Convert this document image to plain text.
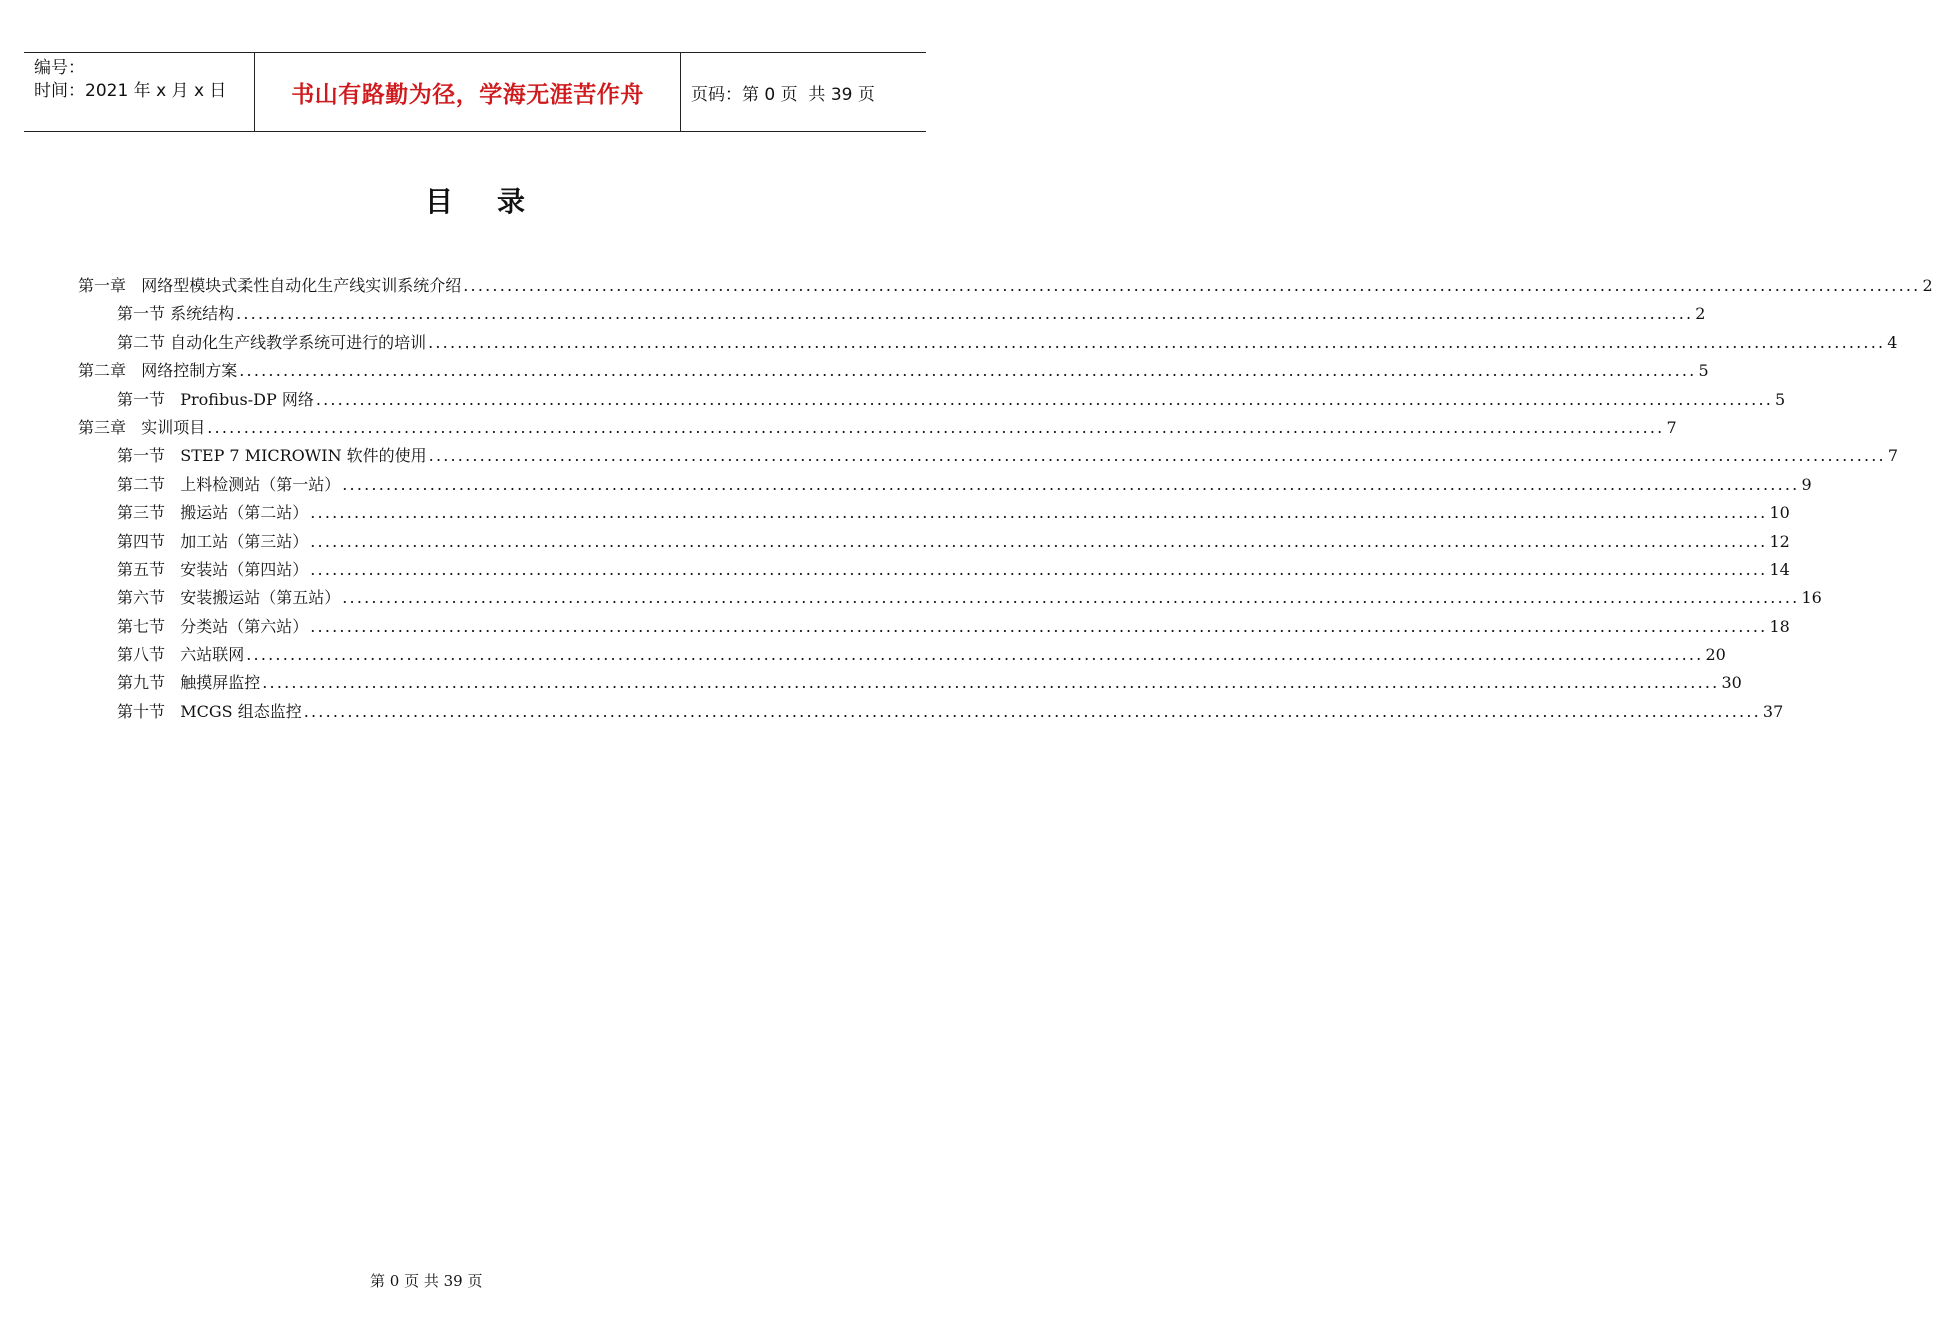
编号：
时间：2021 年 x 月 x 日	书山有路勤为径，学海无涯苦作舟	页码：第 0 页  共 39 页
目 录
第一章   网络型模块式柔性自动化生产线实训系统介绍 ........................................................................................................................................................................................................ 2
第一节 系统结构 ........................................................................................................................................................................................................ 2
第二节 自动化生产线教学系统可进行的培训 ........................................................................................................................................................................................................ 4
第二章   网络控制方案 ........................................................................................................................................................................................................ 5
第一节   Profibus-DP 网络 ........................................................................................................................................................................................................ 5
第三章   实训项目 ........................................................................................................................................................................................................ 7
第一节   STEP 7 MICROWIN 软件的使用 ........................................................................................................................................................................................................ 7
第二节   上料检测站（第一站） ........................................................................................................................................................................................................ 9
第三节   搬运站（第二站） ........................................................................................................................................................................................................ 10
第四节   加工站（第三站） ........................................................................................................................................................................................................ 12
第五节   安装站（第四站） ........................................................................................................................................................................................................ 14
第六节   安装搬运站（第五站） ........................................................................................................................................................................................................ 16
第七节   分类站（第六站） ........................................................................................................................................................................................................ 18
第八节   六站联网 ........................................................................................................................................................................................................ 20
第九节   触摸屏监控 ........................................................................................................................................................................................................ 30
第十节   MCGS 组态监控 ........................................................................................................................................................................................................ 37
第 0 页 共 39 页
